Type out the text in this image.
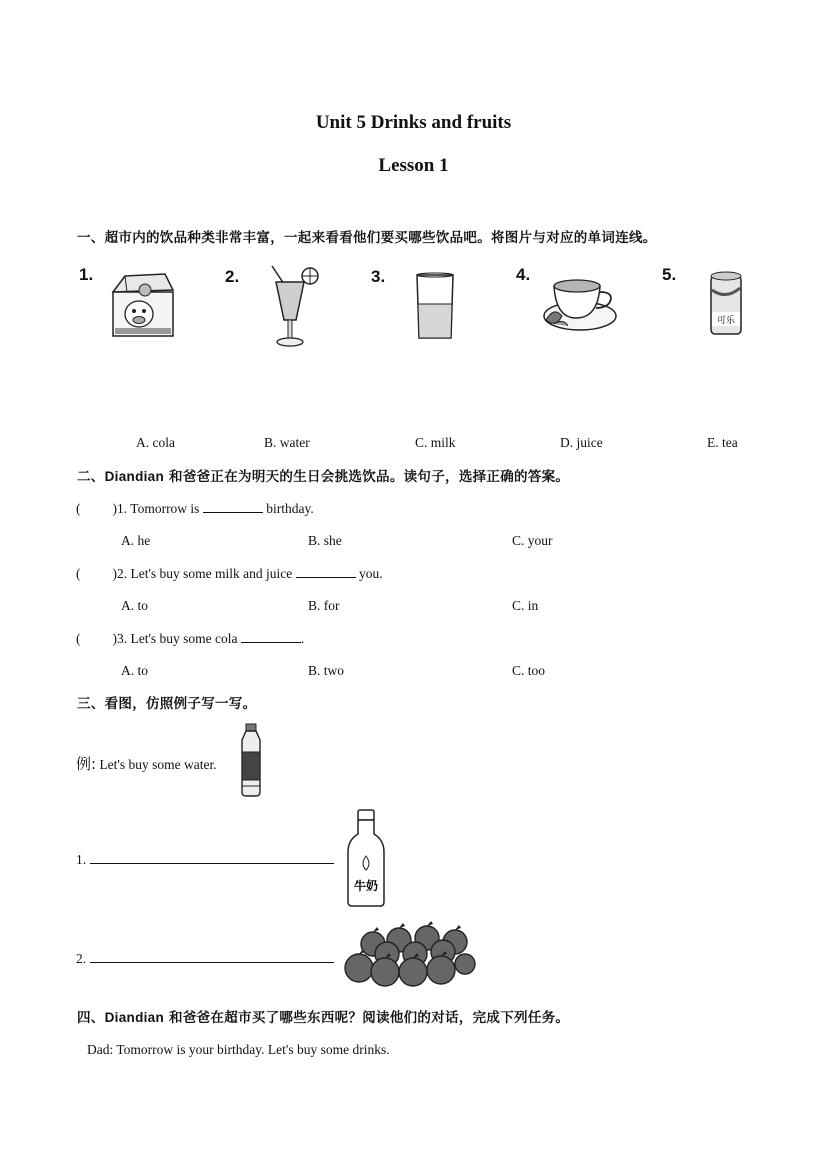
Unit 5 Drinks and fruits
Lesson 1
一、超市内的饮品种类非常丰富，一起来看看他们要买哪些饮品吧。将图片与对应的单词连线。
1.	2.	3.	4.	5.
可乐
A. cola	B. water	C. milk	D. juice	E. tea
二、Diandian 和爸爸正在为明天的生日会挑选饮品。读句子，选择正确的答案。
( )1. Tomorrow is	birthday.
A. he	B. she	C. your
( )2. Let's buy some milk and juice	you.
A. to	B. for	C. in
( )3. Let's buy some cola	.
A. to	B. two	C. too
三、看图，仿照例子写一写。
例: Let's buy some water.
1.
牛奶
2.
四、Diandian 和爸爸在超市买了哪些东西呢？阅读他们的对话，完成下列任务。
Dad: Tomorrow is your birthday. Let's buy some drinks.
